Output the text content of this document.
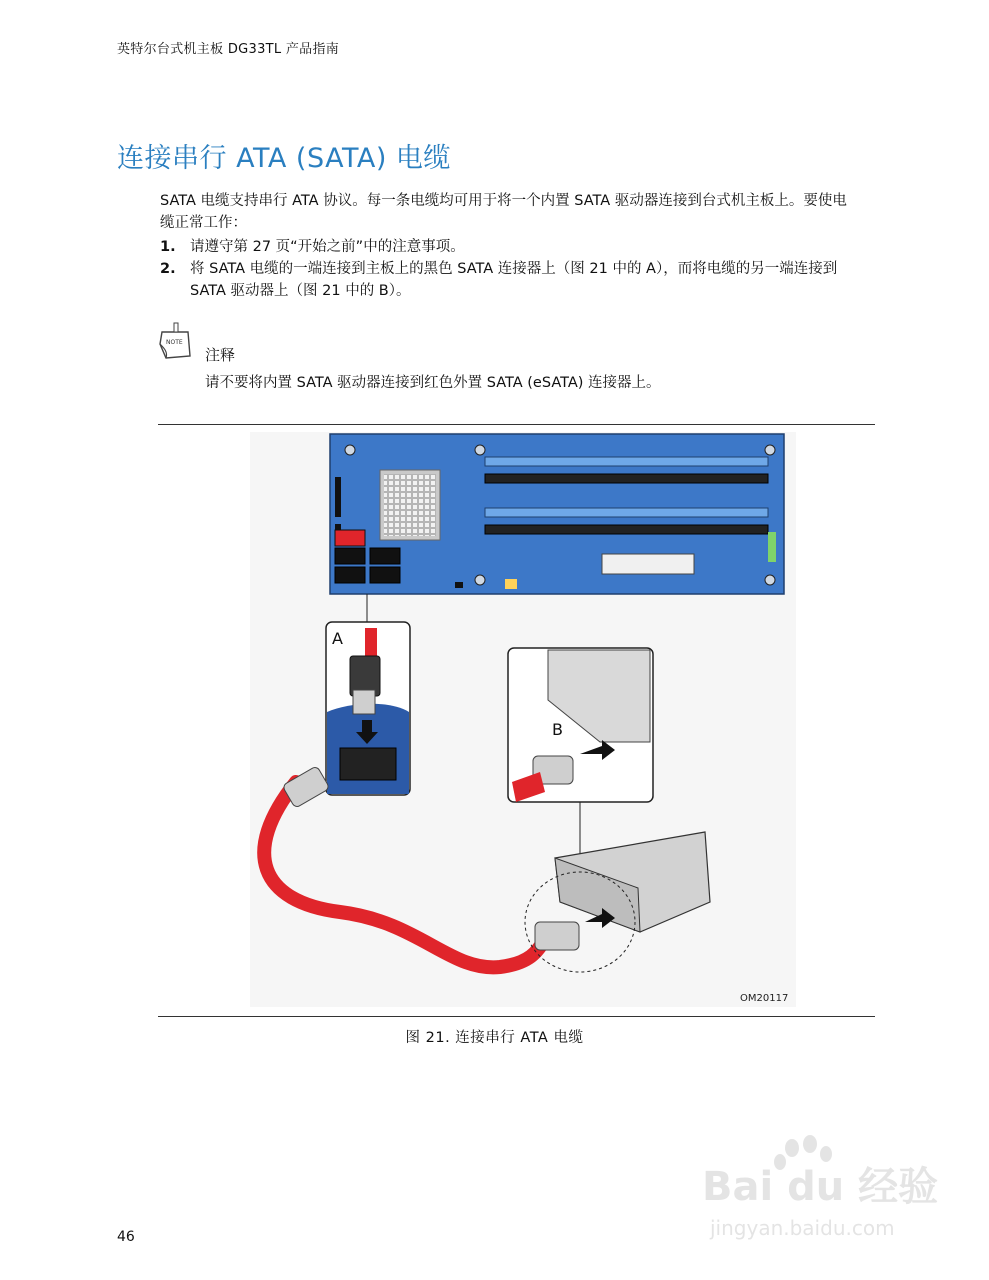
英特尔台式机主板 DG33TL 产品指南
连接串行 ATA (SATA) 电缆
SATA 电缆支持串行 ATA 协议。每一条电缆均可用于将一个内置 SATA 驱动器连接到台式机主板上。要使电缆正常工作：
1. 请遵守第 27 页“开始之前”中的注意事项。
2. 将 SATA 电缆的一端连接到主板上的黑色 SATA 连接器上（图 21 中的 A），而将电缆的另一端连接到 SATA 驱动器上（图 21 中的 B）。
NOTE
注释
请不要将内置 SATA 驱动器连接到红色外置 SATA (eSATA) 连接器上。
A
B
OM20117
图 21. 连接串行 ATA 电缆
Bai du 经验
jingyan.baidu.com
46
